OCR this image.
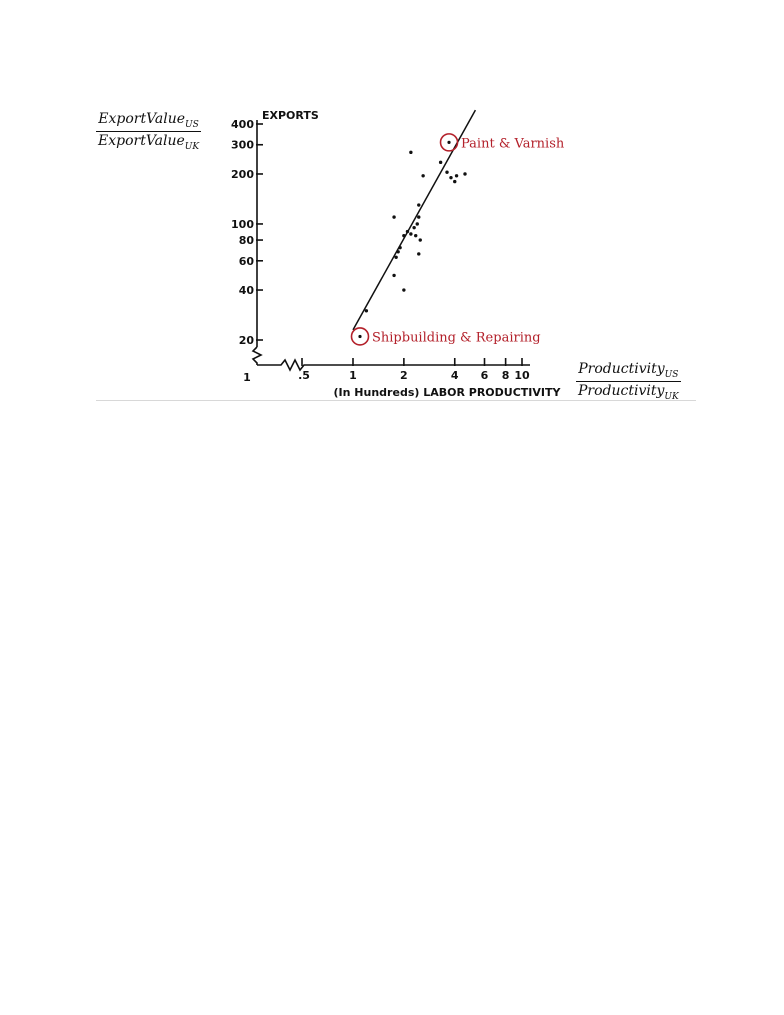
ExportValue$_{US}$
ExportValue$_{UK}$
Productivity$_{US}$
Productivity$_{UK}$
EXPORTS
(In Hundreds) LABOR PRODUCTIVITY
1
20
40
60
80
100
200
300
400
.5	1	2	4 6 8 10
Paint & Varnish
Shipbuilding & Repairing
